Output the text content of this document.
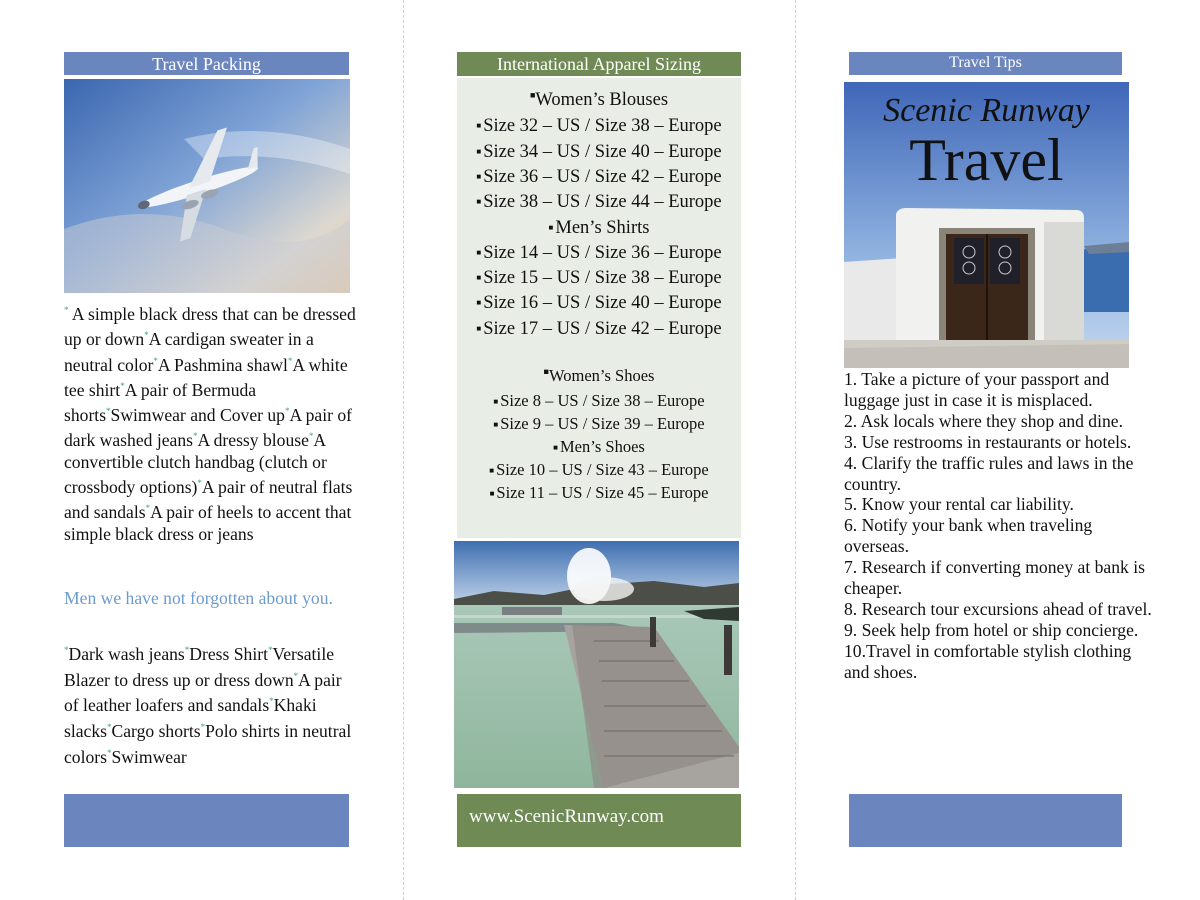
Travel Packing
* A simple black dress that can be dressed up or down*A cardigan sweater in a neutral color*A Pashmina shawl*A white tee shirt*A pair of Bermuda shorts*Swimwear and Cover up*A pair of dark washed jeans*A dressy blouse*A convertible clutch handbag (clutch or crossbody options)*A pair of neutral flats and sandals*A pair of heels to accent that simple black dress or jeans
Men we have not forgotten about you.
*Dark wash jeans*Dress Shirt*Versatile Blazer to dress up or dress down*A pair of leather loafers and sandals*Khaki slacks*Cargo shorts*Polo shirts in neutral colors*Swimwear
International Apparel Sizing
■Women’s Blouses
■ Size 32 – US / Size 38 – Europe
■ Size 34 – US / Size 40 – Europe
■ Size 36 – US / Size 42 – Europe
■ Size 38 – US / Size 44 – Europe
■ Men’s Shirts
■ Size 14 – US / Size 36 – Europe
■ Size 15 – US / Size 38 – Europe
■ Size 16 – US / Size 40 – Europe
■ Size 17 – US / Size 42 – Europe
■Women’s Shoes
■ Size 8 – US / Size 38 – Europe
■ Size 9 – US / Size 39 – Europe
■ Men’s Shoes
■ Size 10 – US / Size 43 – Europe
■ Size 11 – US / Size 45 – Europe
www.ScenicRunway.com
Travel Tips
Scenic Runway
Travel
1. Take a picture of your passport and luggage just in case it is misplaced.
2. Ask locals where they shop and dine.
3. Use restrooms in restaurants or hotels.
4. Clarify the traffic rules and laws in the country.
5. Know your rental car liability.
6. Notify your bank when traveling overseas.
7. Research if converting money at bank is cheaper.
8. Research tour excursions ahead of travel.
9. Seek help from hotel or ship concierge.
10.Travel in comfortable stylish clothing and shoes.
